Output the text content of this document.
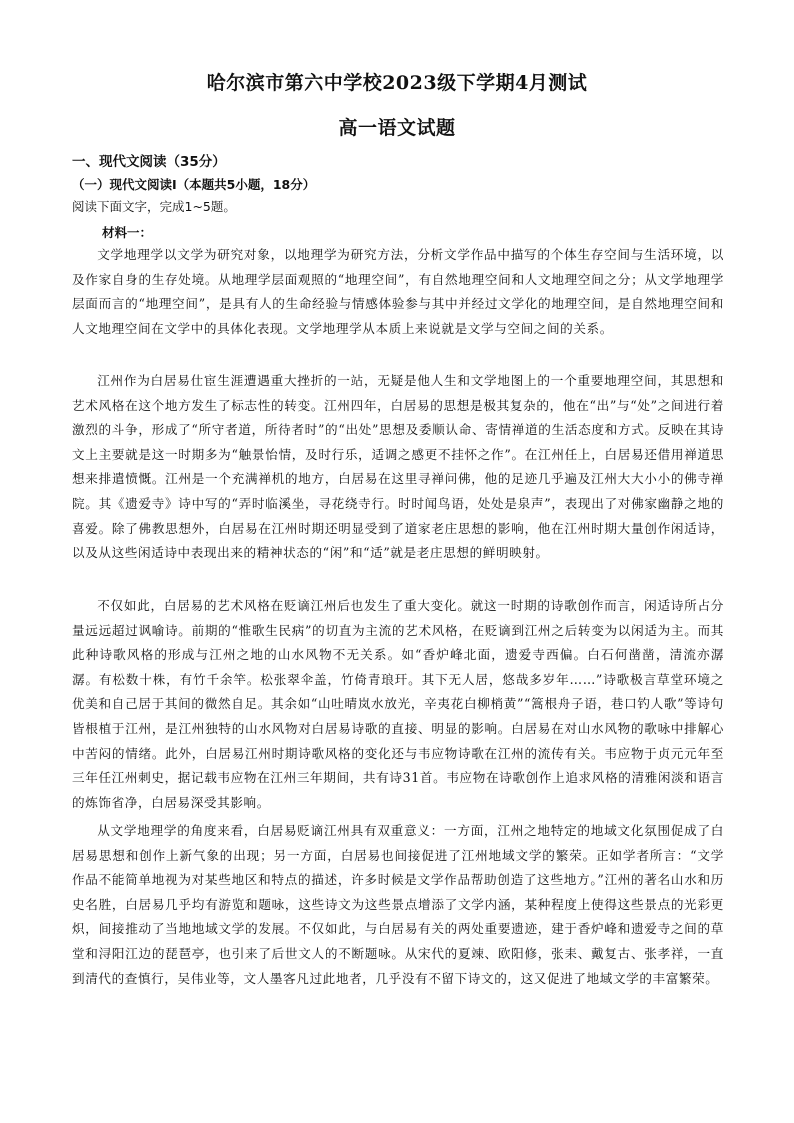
哈尔滨市第六中学校2023级下学期4月测试
高一语文试题
一、现代文阅读（35分）
（一）现代文阅读Ⅰ（本题共5小题，18分）
阅读下面文字，完成1~5题。
材料一：

文学地理学以文学为研究对象，以地理学为研究方法，分析文学作品中描写的个体生存空间与生活环境，以及作家自身的生存处境。从地理学层面观照的“地理空间”，有自然地理空间和人文地理空间之分；从文学地理学层面而言的“地理空间”，是具有人的生命经验与情感体验参与其中并经过文学化的地理空间，是自然地理空间和人文地理空间在文学中的具体化表现。文学地理学从本质上来说就是文学与空间之间的关系。

江州作为白居易仕宦生涯遭遇重大挫折的一站，无疑是他人生和文学地图上的一个重要地理空间，其思想和艺术风格在这个地方发生了标志性的转变。江州四年，白居易的思想是极其复杂的，他在“出”与“处”之间进行着激烈的斗争，形成了“所守者道，所待者时”的“出处”思想及委顺认命、寄情禅道的生活态度和方式。反映在其诗文上主要就是这一时期多为“触景怡情，及时行乐，适调之感更不挂怀之作”。在江州任上，白居易还借用禅道思想来排遣愤慨。江州是一个充满禅机的地方，白居易在这里寻禅问佛，他的足迹几乎遍及江州大大小小的佛寺禅院。其《遗爱寺》诗中写的“弄时临溪坐，寻花绕寺行。时时闻鸟语，处处是泉声”，表现出了对佛家幽静之地的喜爱。除了佛教思想外，白居易在江州时期还明显受到了道家老庄思想的影响，他在江州时期大量创作闲适诗，以及从这些闲适诗中表现出来的精神状态的“闲”和“适”就是老庄思想的鲜明映射。

不仅如此，白居易的艺术风格在贬谪江州后也发生了重大变化。就这一时期的诗歌创作而言，闲适诗所占分量远远超过讽喻诗。前期的“惟歌生民病”的切直为主流的艺术风格，在贬谪到江州之后转变为以闲适为主。而其此种诗歌风格的形成与江州之地的山水风物不无关系。如“香炉峰北面，遗爱寺西偏。白石何凿凿，清流亦潺潺。有松数十株，有竹千余竿。松张翠伞盖，竹倚青琅玕。其下无人居，悠哉多岁年……”诗歌极言草堂环境之优美和自己居于其间的微然自足。其余如“山吐晴岚水放光，辛夷花白柳梢黄”“篙根舟子语，巷口钓人歌”等诗句皆根植于江州，是江州独特的山水风物对白居易诗歌的直接、明显的影响。白居易在对山水风物的歌咏中排解心中苦闷的情绪。此外，白居易江州时期诗歌风格的变化还与韦应物诗歌在江州的流传有关。韦应物于贞元元年至三年任江州刺史，据记载韦应物在江州三年期间，共有诗31首。韦应物在诗歌创作上追求风格的清雅闲淡和语言的炼饰省净，白居易深受其影响。

从文学地理学的角度来看，白居易贬谪江州具有双重意义：一方面，江州之地特定的地域文化氛围促成了白居易思想和创作上新气象的出现；另一方面，白居易也间接促进了江州地域文学的繁荣。正如学者所言：“文学作品不能简单地视为对某些地区和特点的描述，许多时候是文学作品帮助创造了这些地方。”江州的著名山水和历史名胜，白居易几乎均有游览和题咏，这些诗文为这些景点增添了文学内涵，某种程度上使得这些景点的光彩更炽，间接推动了当地地域文学的发展。不仅如此，与白居易有关的两处重要遗迹，建于香炉峰和遗爱寺之间的草堂和浔阳江边的琵琶亭，也引来了后世文人的不断题咏。从宋代的夏竦、欧阳修，张耒、戴复古、张孝祥，一直到清代的查慎行，吴伟业等，文人墨客凡过此地者，几乎没有不留下诗文的，这又促进了地域文学的丰富繁荣。
